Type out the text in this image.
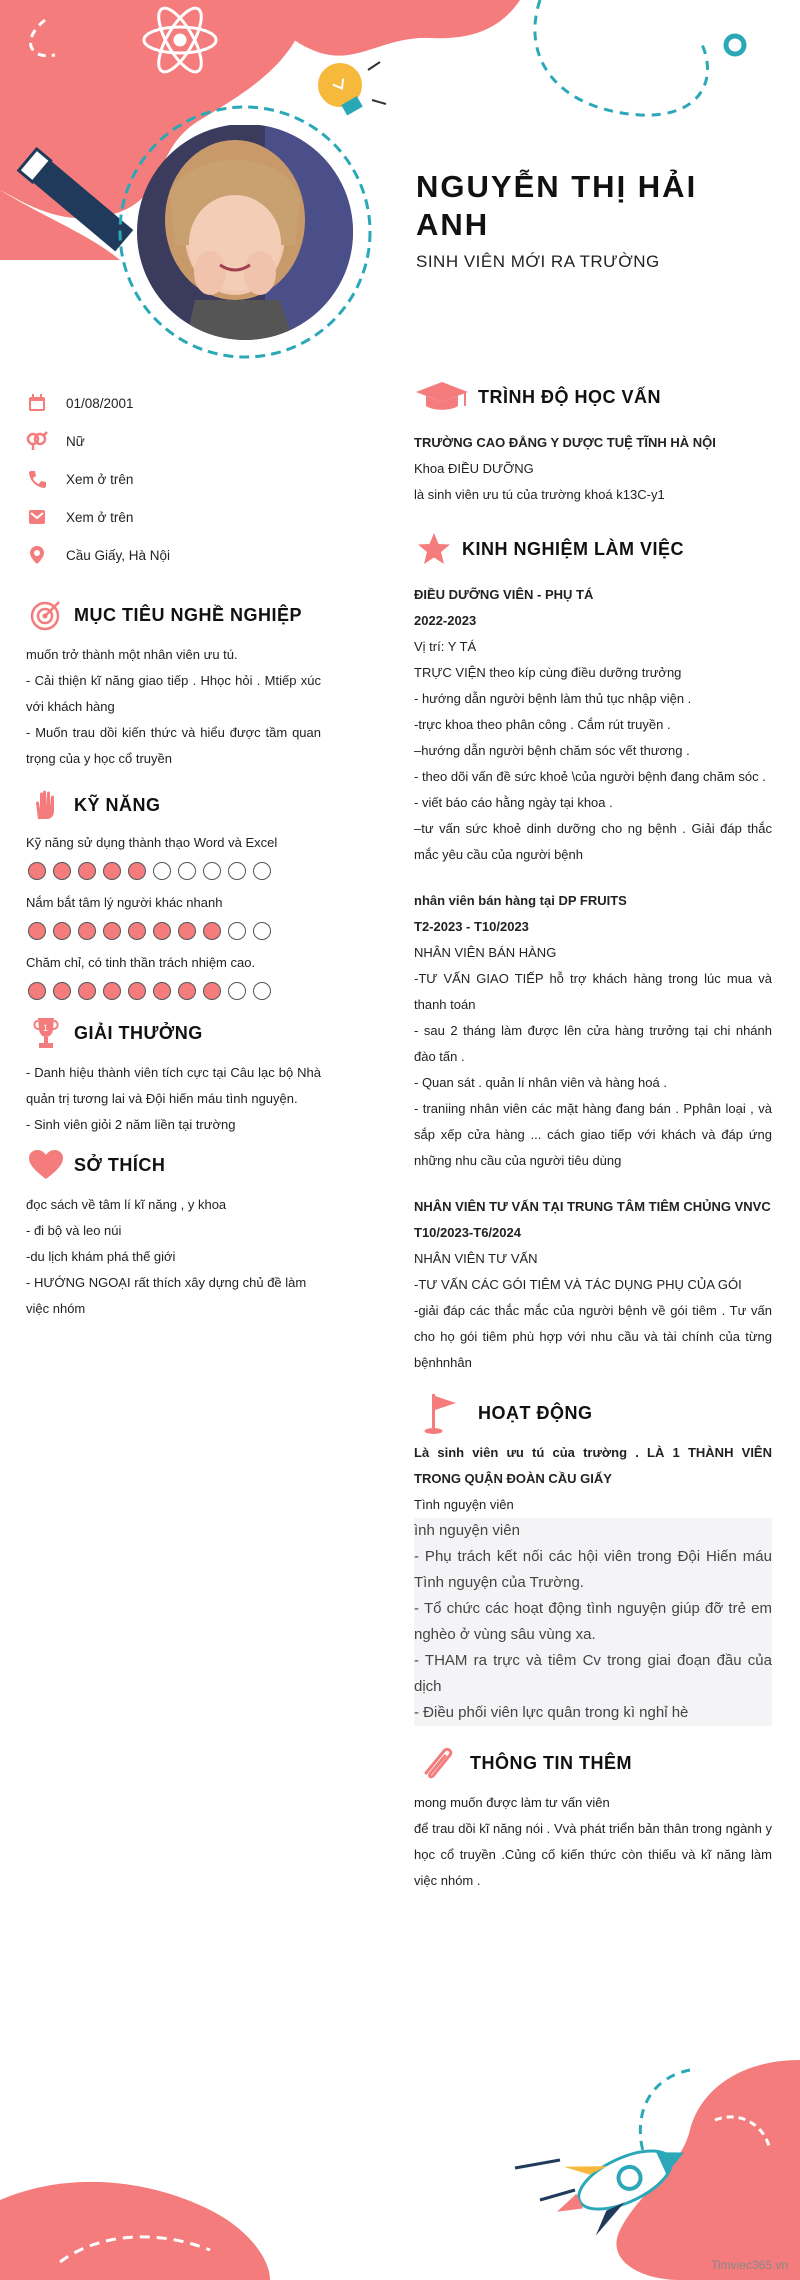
NGUYỄN THỊ HẢI ANH
SINH VIÊN MỚI RA TRƯỜNG
01/08/2001
Nữ
Xem ở trên
Xem ở trên
Cầu Giấy, Hà Nội
MỤC TIÊU NGHỀ NGHIỆP

muốn trở thành một nhân viên ưu tú.

- Cải thiện kĩ năng giao tiếp . Hhọc hỏi . Mtiếp xúc với khách hàng

- Muốn trau dồi kiến thức và hiểu được tầm quan trọng của y học cổ truyền

KỸ NĂNG
Kỹ năng sử dụng thành thạo Word và Excel
Nắm bắt tâm lý người khác nhanh
Chăm chỉ, có tinh thần trách nhiệm cao.
1 GIẢI THƯỞNG

- Danh hiệu thành viên tích cực tại Câu lạc bộ Nhà quản trị tương lai và Đội hiến máu tình nguyện.

- Sinh viên giỏi 2 năm liền tại trường

SỞ THÍCH

đọc sách về tâm lí kĩ năng , y khoa

- đi bộ và leo núi

-du lịch khám phá thế giới

- HƯỚNG NGOẠI rất thích xây dựng chủ đề làm việc nhóm

TRÌNH ĐỘ HỌC VẤN

TRƯỜNG CAO ĐẲNG Y DƯỢC TUỆ TĨNH HÀ NỘI

Khoa ĐIỀU DƯỠNG

là sinh viên ưu tú của trường khoá k13C-y1

KINH NGHIỆM LÀM VIỆC

ĐIỀU DƯỠNG VIÊN - PHỤ TÁ

2022-2023

Vị trí: Y TÁ

TRỰC VIỆN theo kíp cùng điều dưỡng trưởng

- hướng dẫn người bệnh làm thủ tục nhập viện .

-trực khoa theo phân công . Cắm rút truyền .

–hướng dẫn người bệnh chăm sóc vết thương .

- theo dõi vấn đề sức khoẻ \của người bệnh đang chăm sóc .

- viết báo cáo hằng ngày tại khoa .

–tư vấn sức khoẻ dinh dưỡng cho ng bệnh . Giải đáp thắc mắc yêu cầu của người bệnh

nhân viên bán hàng tại DP FRUITS

T2-2023 - T10/2023

NHÂN VIÊN BÁN HÀNG

-TƯ VẤN GIAO TIẾP hỗ trợ khách hàng trong lúc mua và thanh toán

- sau 2 tháng làm được lên cửa hàng trưởng tại chi nhánh đào tấn .

- Quan sát . quản lí nhân viên và hàng hoá .

- traniing nhân viên các mặt hàng đang bán . Pphân loại , và sắp xếp cửa hàng ... cách giao tiếp với khách và đáp ứng những nhu cầu của người tiêu dùng

NHÂN VIÊN TƯ VẤN TẠI TRUNG TÂM TIÊM CHỦNG VNVC

T10/2023-T6/2024

NHÂN VIÊN TƯ VẤN

-TƯ VẤN CÁC GÓI TIÊM VÀ TÁC DỤNG PHỤ CỦA GÓI

-giải đáp các thắc mắc của người bệnh về gói tiêm . Tư vấn cho họ gói tiêm phù hợp với nhu cầu và tài chính của từng bệnhnhân

HOẠT ĐỘNG

Là sinh viên ưu tú của trường . LÀ 1 THÀNH VIÊN TRONG QUẬN ĐOÀN CẦU GIẤY

Tình nguyện viên

ình nguyện viên

- Phụ trách kết nối các hội viên trong Đội Hiến máu Tình nguyện của Trường.

- Tổ chức các hoạt động tình nguyện giúp đỡ trẻ em nghèo ở vùng sâu vùng xa.

- THAM ra trực và tiêm Cv trong giai đoạn đầu của dịch

- Điều phối viên lực quân trong kì nghỉ hè

THÔNG TIN THÊM

mong muốn được làm tư vấn viên

để trau dồi kĩ năng nói . Vvà phát triển bản thân trong ngành y học cổ truyền .Củng cố kiến thức còn thiếu và kĩ năng làm việc nhóm .

Timviec365.vn
